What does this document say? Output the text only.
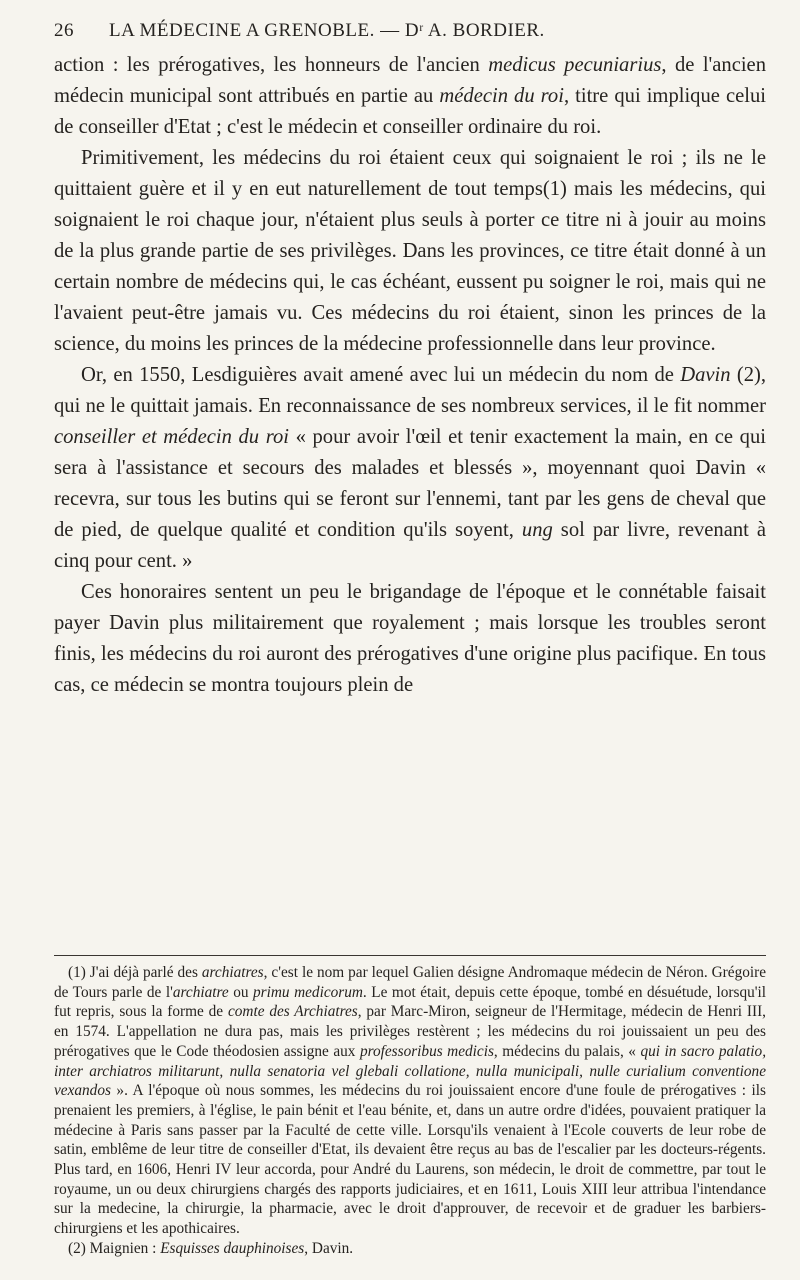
26 LA MÉDECINE A GRENOBLE. — Dʳ A. BORDIER.

action : les prérogatives, les honneurs de l'ancien medicus pecuniarius, de l'ancien médecin municipal sont attribués en partie au médecin du roi, titre qui implique celui de conseiller d'Etat ; c'est le médecin et conseiller ordinaire du roi.

Primitivement, les médecins du roi étaient ceux qui soignaient le roi ; ils ne le quittaient guère et il y en eut naturellement de tout temps(1) mais les médecins, qui soignaient le roi chaque jour, n'étaient plus seuls à porter ce titre ni à jouir au moins de la plus grande partie de ses privilèges. Dans les provinces, ce titre était donné à un certain nombre de médecins qui, le cas échéant, eussent pu soigner le roi, mais qui ne l'avaient peut-être jamais vu. Ces médecins du roi étaient, sinon les princes de la science, du moins les princes de la médecine professionnelle dans leur province.

Or, en 1550, Lesdiguières avait amené avec lui un médecin du nom de Davin (2), qui ne le quittait jamais. En reconnaissance de ses nombreux services, il le fit nommer conseiller et médecin du roi « pour avoir l'œil et tenir exactement la main, en ce qui sera à l'assistance et secours des malades et blessés », moyennant quoi Davin « recevra, sur tous les butins qui se feront sur l'ennemi, tant par les gens de cheval que de pied, de quelque qualité et condition qu'ils soyent, ung sol par livre, revenant à cinq pour cent. »

Ces honoraires sentent un peu le brigandage de l'époque et le connétable faisait payer Davin plus militairement que royalement ; mais lorsque les troubles seront finis, les médecins du roi auront des prérogatives d'une origine plus pacifique. En tous cas, ce médecin se montra toujours plein de

(1) J'ai déjà parlé des archiatres, c'est le nom par lequel Galien désigne Andromaque médecin de Néron. Grégoire de Tours parle de l'archiatre ou primu medicorum. Le mot était, depuis cette époque, tombé en désuétude, lorsqu'il fut repris, sous la forme de comte des Archiatres, par Marc-Miron, seigneur de l'Hermitage, médecin de Henri III, en 1574. L'appellation ne dura pas, mais les privilèges restèrent ; les médecins du roi jouissaient un peu des prérogatives que le Code théodosien assigne aux professoribus medicis, médecins du palais, « qui in sacro palatio, inter archiatros militarunt, nulla senatoria vel glebali collatione, nulla municipali, nulle curialium conventione vexandos ». A l'époque où nous sommes, les médecins du roi jouissaient encore d'une foule de prérogatives : ils prenaient les premiers, à l'église, le pain bénit et l'eau bénite, et, dans un autre ordre d'idées, pouvaient pratiquer la médecine à Paris sans passer par la Faculté de cette ville. Lorsqu'ils venaient à l'Ecole couverts de leur robe de satin, emblême de leur titre de conseiller d'Etat, ils devaient être reçus au bas de l'escalier par les docteurs-régents. Plus tard, en 1606, Henri IV leur accorda, pour André du Laurens, son médecin, le droit de commettre, par tout le royaume, un ou deux chirurgiens chargés des rapports judiciaires, et en 1611, Louis XIII leur attribua l'intendance sur la medecine, la chirurgie, la pharmacie, avec le droit d'approuver, de recevoir et de graduer les barbiers-chirurgiens et les apothicaires.

(2) Maignien : Esquisses dauphinoises, Davin.
